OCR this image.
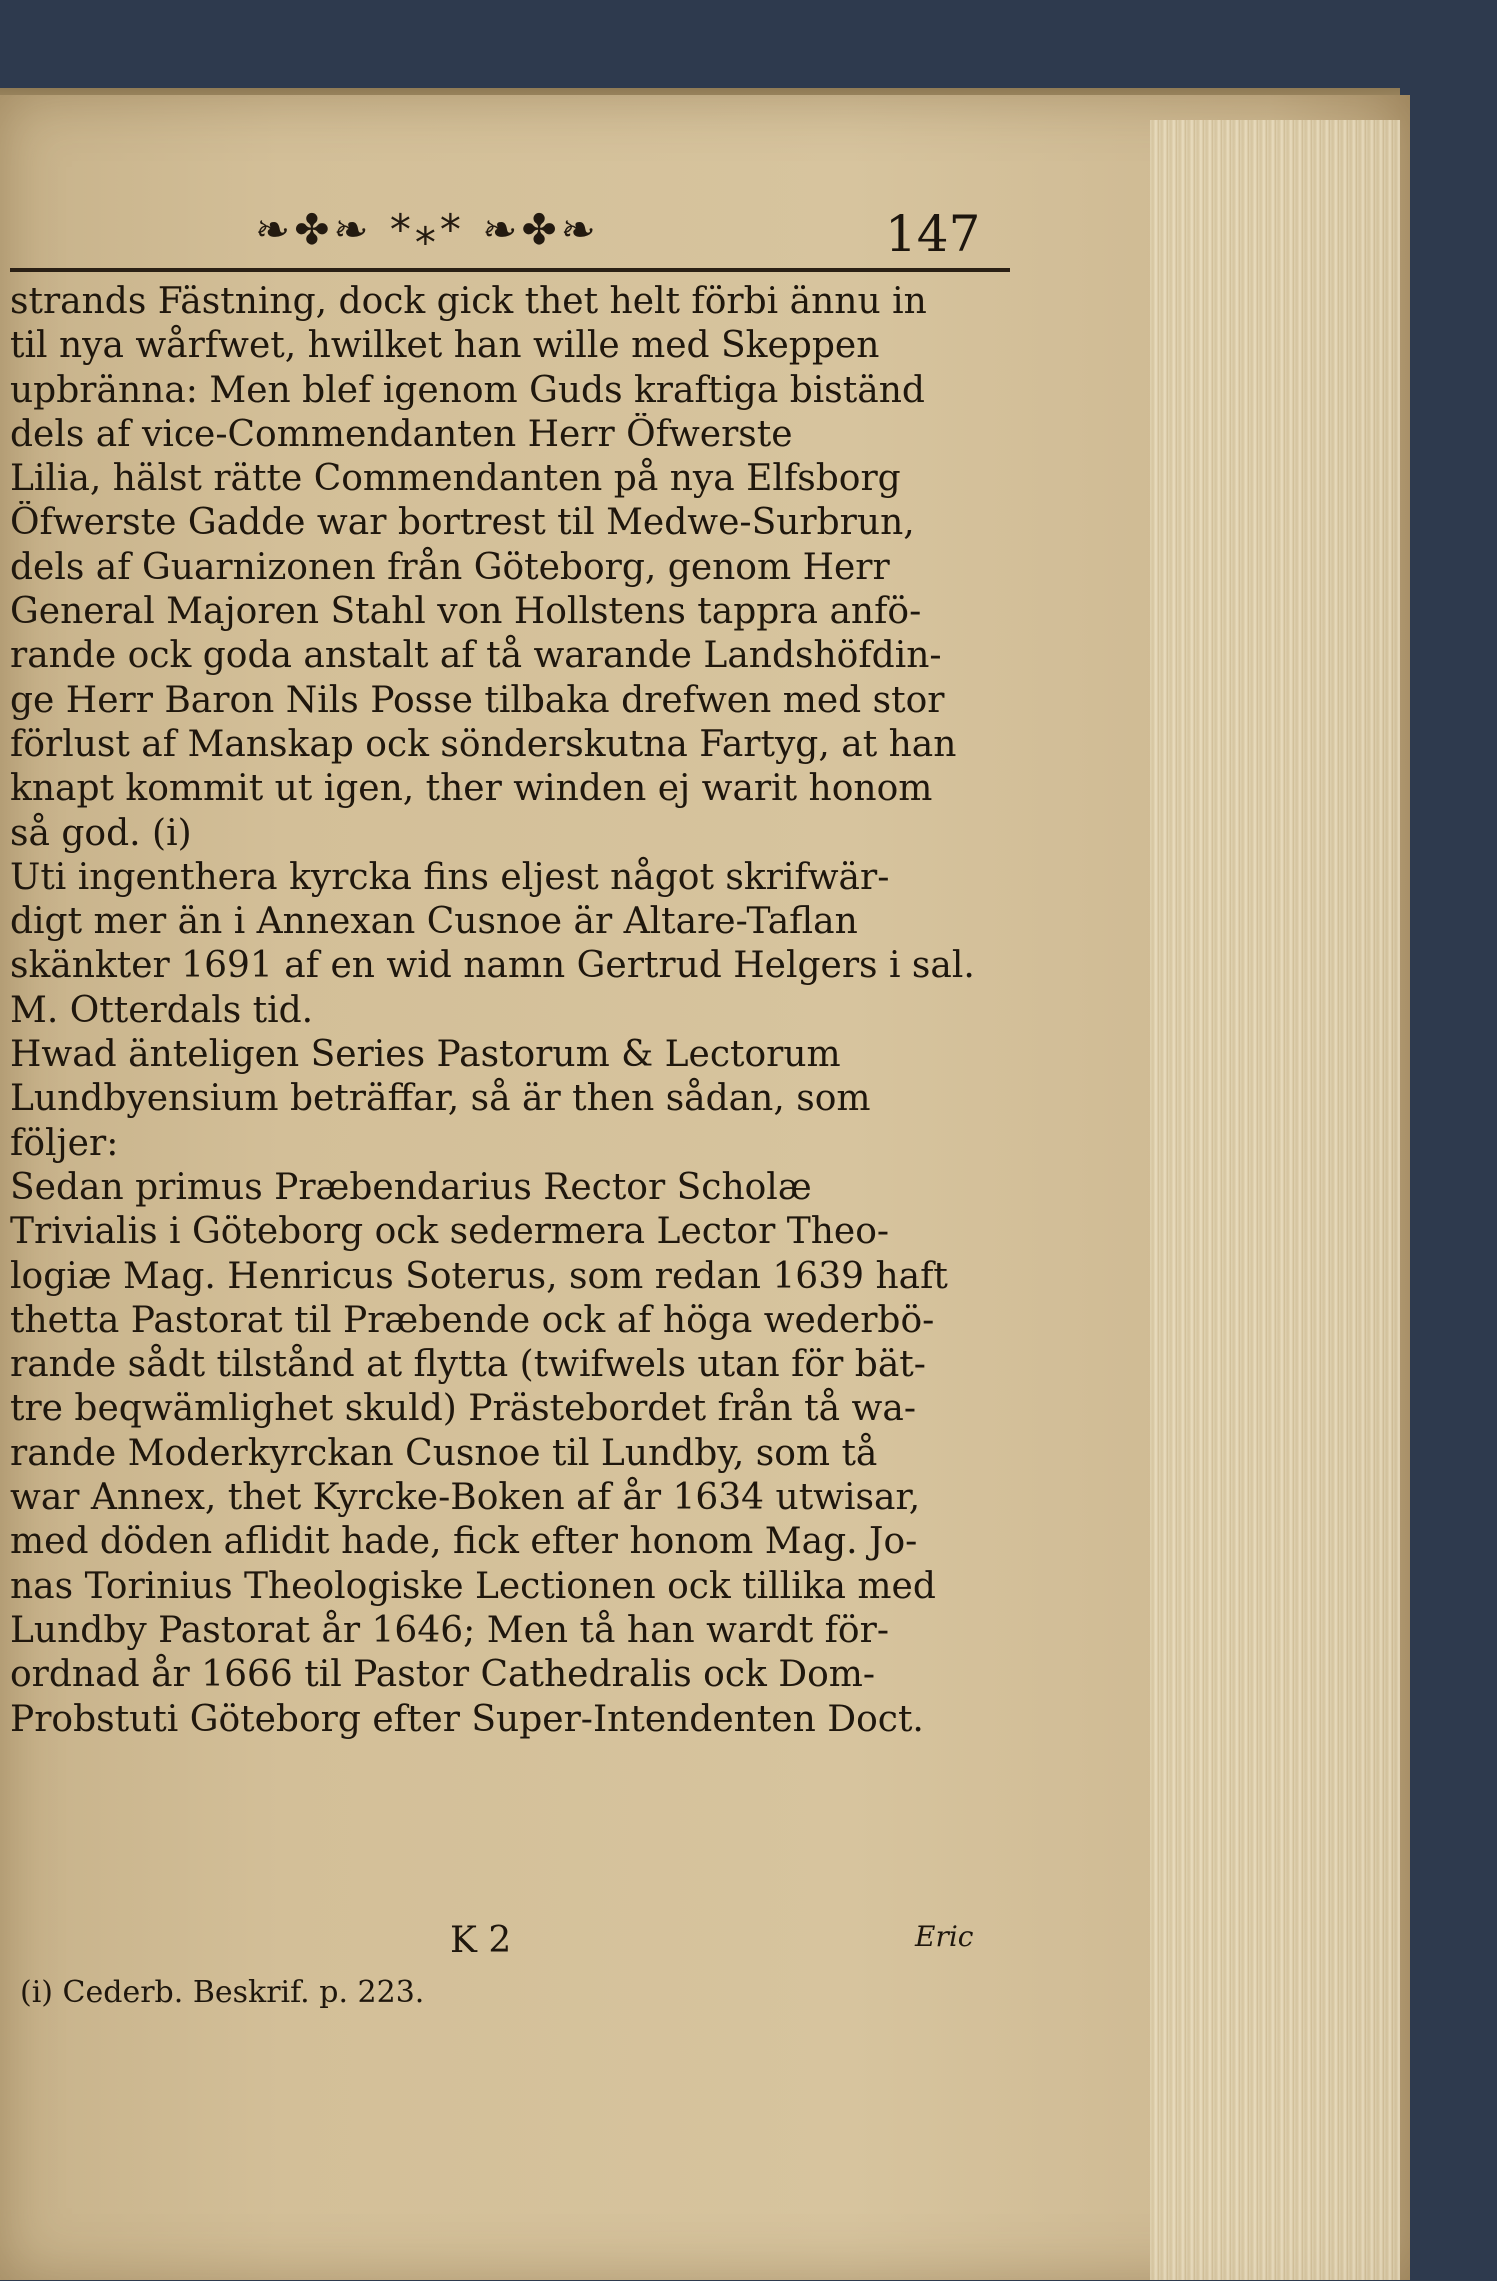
❧✤❧ *⁎* ❧✤❧	147
strands Fästning, dock gick thet helt förbi ännu in
til nya wårfwet, hwilket han wille med Skeppen
upbränna: Men blef igenom Guds kraftiga biständ
dels af vice-Commendanten Herr Öfwerste
Lilia, hälst rätte Commendanten på nya Elfsborg
Öfwerste Gadde war bortrest til Medwe-Surbrun,
dels af Guarnizonen från Göteborg, genom Herr
General Majoren Stahl von Hollstens tappra anfö-
rande ock goda anstalt af tå warande Landshöfdin-
ge Herr Baron Nils Posse tilbaka drefwen med stor
förlust af Manskap ock sönderskutna Fartyg, at han
knapt kommit ut igen, ther winden ej warit honom
så god. (i)
Uti ingenthera kyrcka fins eljest något skrifwär-
digt mer än i Annexan Cusnoe är Altare-Taflan
skänkter 1691 af en wid namn Gertrud Helgers i sal.
M. Otterdals tid.
Hwad änteligen Series Pastorum & Lectorum
Lundbyensium beträffar, så är then sådan, som
följer:
Sedan primus Præbendarius Rector Scholæ
Trivialis i Göteborg ock sedermera Lector Theo-
logiæ Mag. Henricus Soterus, som redan 1639 haft
thetta Pastorat til Præbende ock af höga wederbö-
rande sådt tilstånd at flytta (twifwels utan för bät-
tre beqwämlighet skuld) Prästebordet från tå wa-
rande Moderkyrckan Cusnoe til Lundby, som tå
war Annex, thet Kyrcke-Boken af år 1634 utwisar,
med döden aflidit hade, fick efter honom Mag. Jo-
nas Torinius Theologiske Lectionen ock tillika med
Lundby Pastorat år 1646; Men tå han wardt för-
ordnad år 1666 til Pastor Cathedralis ock Dom-
Probstuti Göteborg efter Super-Intendenten Doct.
K 2	Eric
(i) Cederb. Beskrif. p. 223.
